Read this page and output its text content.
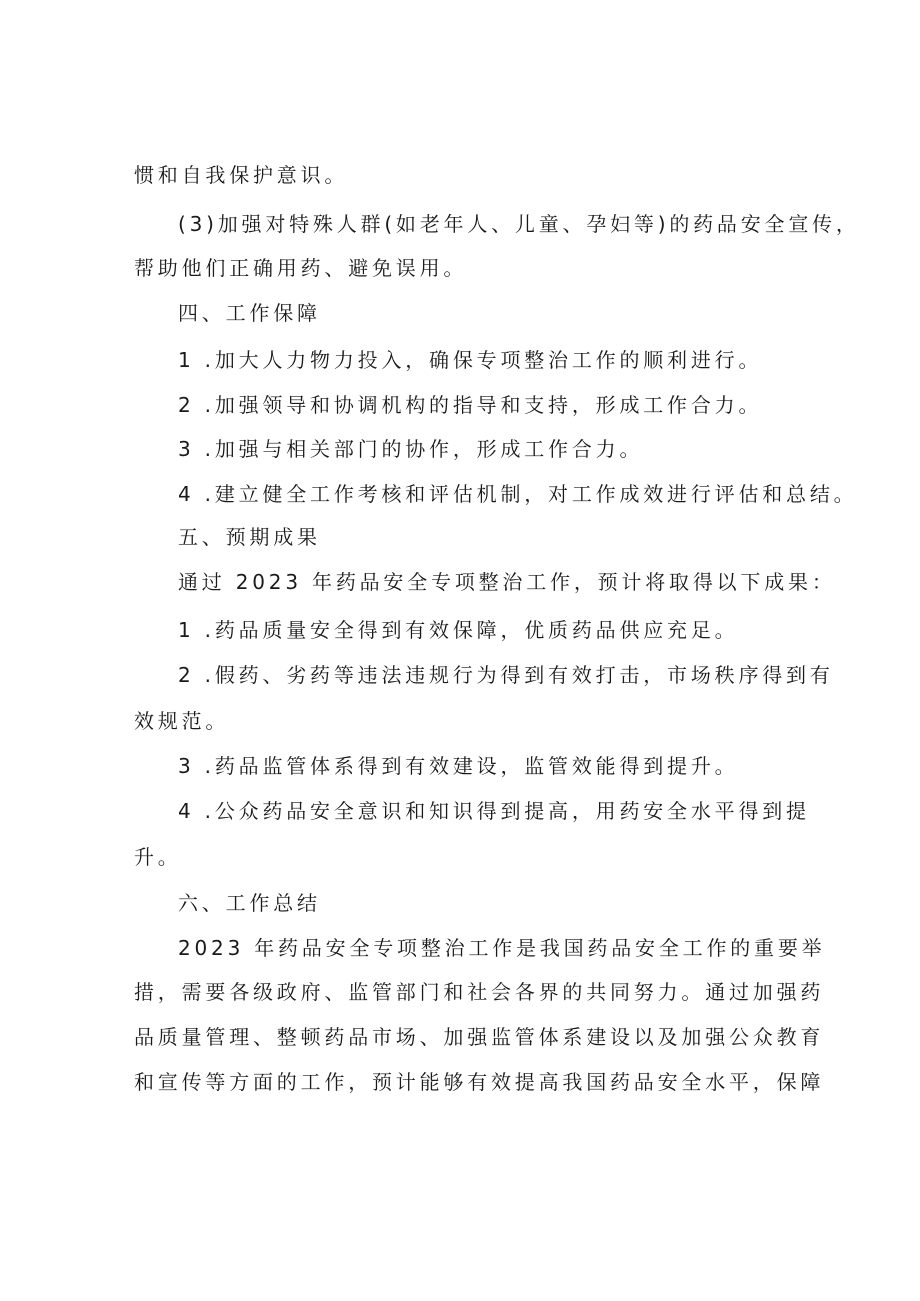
惯和自我保护意识。
(3)加强对特殊人群(如老年人、儿童、孕妇等)的药品安全宣传，
帮助他们正确用药、避免误用。
四、工作保障
1 .加大人力物力投入，确保专项整治工作的顺利进行。
2 .加强领导和协调机构的指导和支持，形成工作合力。
3 .加强与相关部门的协作，形成工作合力。
4 .建立健全工作考核和评估机制，对工作成效进行评估和总结。
五、预期成果
通过 2023 年药品安全专项整治工作，预计将取得以下成果：
1 .药品质量安全得到有效保障，优质药品供应充足。
2 .假药、劣药等违法违规行为得到有效打击，市场秩序得到有
效规范。
3 .药品监管体系得到有效建设，监管效能得到提升。
4 .公众药品安全意识和知识得到提高，用药安全水平得到提
升。
六、工作总结
2023 年药品安全专项整治工作是我国药品安全工作的重要举
措，需要各级政府、监管部门和社会各界的共同努力。通过加强药
品质量管理、整顿药品市场、加强监管体系建设以及加强公众教育
和宣传等方面的工作，预计能够有效提高我国药品安全水平，保障
